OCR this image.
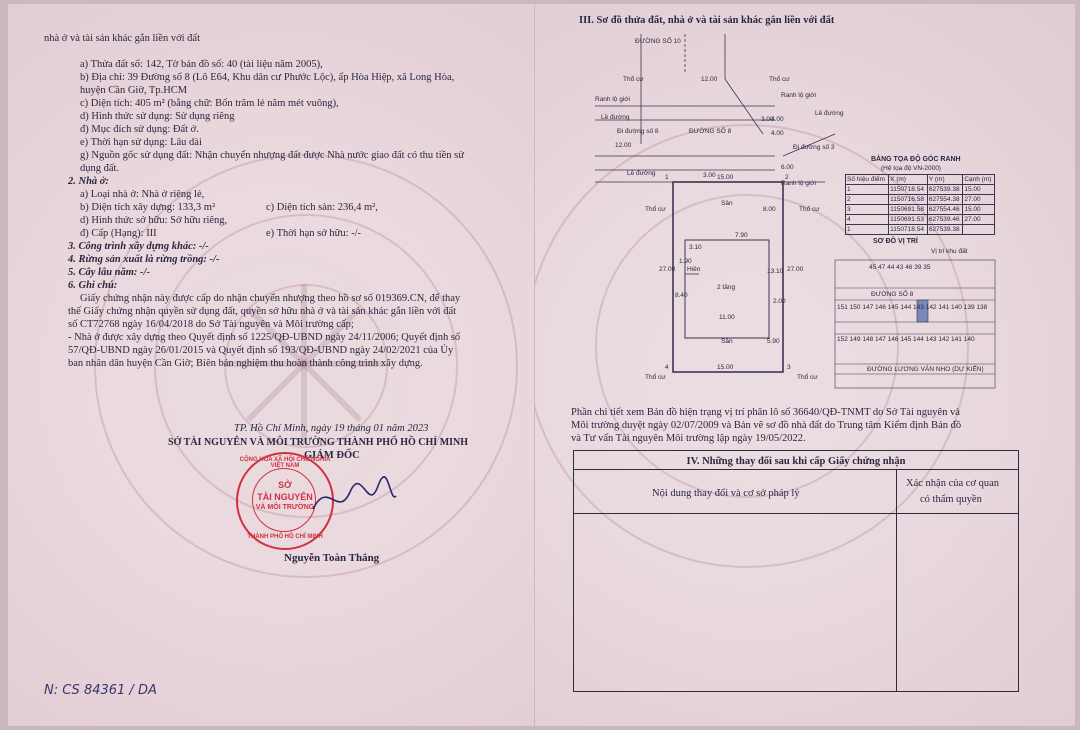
nhà ở và tài sản khác gắn liền với đất
a) Thửa đất số: 142, Tờ bản đồ số: 40 (tài liệu năm 2005),
b) Địa chỉ: 39 Đường số 8 (Lô E64, Khu dân cư Phước Lộc), ấp Hòa Hiệp, xã Long Hòa,
huyện Cần Giờ, Tp.HCM
c) Diện tích: 405 m² (bằng chữ: Bốn trăm lẻ năm mét vuông),
d) Hình thức sử dụng: Sử dụng riêng
đ) Mục đích sử dụng: Đất ở.
e) Thời hạn sử dụng: Lâu dài
g) Nguồn gốc sử dụng đất: Nhận chuyển nhượng đất được Nhà nước giao đất có thu tiền sử
dụng đất.
2. Nhà ở:
a) Loại nhà ở: Nhà ở riêng lẻ,
b) Diện tích xây dựng: 133,3 m²	c) Diện tích sàn: 236,4 m²,
d) Hình thức sở hữu: Sở hữu riêng,
đ) Cấp (Hạng): III	e) Thời hạn sở hữu: -/-
3. Công trình xây dựng khác: -/-
4. Rừng sản xuất là rừng trồng: -/-
5. Cây lâu năm: -/-
6. Ghi chú:
Giấy chứng nhận này được cấp do nhận chuyển nhượng theo hồ sơ số 019369.CN, để thay
thế Giấy chứng nhận quyền sử dụng đất, quyền sở hữu nhà ở và tài sản khác gắn liền với đất
số CT72768 ngày 16/04/2018 do Sở Tài nguyên và Môi trường cấp;
- Nhà ở được xây dựng theo Quyết định số 1225/QĐ-UBND ngày 24/11/2006; Quyết định số
57/QĐ-UBND ngày 26/01/2015 và Quyết định số 193/QĐ-UBND ngày 24/02/2021 của Ủy
ban nhân dân huyện Cần Giờ; Biên bản nghiệm thu hoàn thành công trình xây dựng.
TP. Hồ Chí Minh, ngày 19 tháng 01 năm 2023
SỞ TÀI NGUYÊN VÀ MÔI TRƯỜNG THÀNH PHỐ HỒ CHÍ MINH
GIÁM ĐỐC
CỘNG HÒA XÃ HỘI CHỦ NGHĨA VIỆT NAM
SỞ
TÀI NGUYÊN
VÀ MÔI TRƯỜNG
THÀNH PHỐ HỒ CHÍ MINH
Nguyễn Toàn Thắng
N: CS 84361 / DA
III. Sơ đồ thửa đất, nhà ở và tài sản khác gắn liền với đất
ĐƯỜNG SỐ 10
ĐƯỜNG SỐ 8
Đi đường số 8
Đi đường số 3
Ranh lộ giới
Ranh lộ giới
Ranh lộ giới
Lề đường
Lề đường
Lề đường
Thổ cư	Thổ cư
Thổ cư	Thổ cư
Thổ cư	Thổ cư
Sân
Sân
Hiên
2 tầng
12.00
3.00
4.00
4.00
3.00
12.00
6.00
15.00
8.00
7.90
3.10
1.90
13.10
27.00	27.00
8.40
2.00
11.00
5.90
15.00
1	2
3
4
BẢNG TỌA ĐỘ GÓC RANH
(Hệ tọa độ VN-2000)
Số hiệu điểm	X (m)	Y (m)	Cạnh (m)
1	1150718.54	627539.38	15.00
2	1150716.58	627554.38	27.00
3	1150691.58	627554.46	15.00
4	1150691.53	627539.46	27.00
1	1150718.54	627539.38	
SƠ ĐỒ VỊ TRÍ
Vị trí khu đất
45 47 44 43 46 39 35
ĐƯỜNG SỐ 8
151 150 147 146 145 144 143 142 141 140 139 138
152 149 148 147 146 145 144 143 142 141 140
ĐƯỜNG LƯƠNG VĂN NHO (DỰ KIẾN)
Phần chi tiết xem Bản đồ hiện trạng vị trí phân lô số 36640/QĐ-TNMT do Sở Tài nguyên và
Môi trường duyệt ngày 02/07/2009 và Bản vẽ sơ đồ nhà đất do Trung tâm Kiểm định Bản đồ
và Tư vấn Tài nguyên Môi trường lập ngày 19/05/2022.
IV. Những thay đổi sau khi cấp Giấy chứng nhận
Nội dung thay đổi và cơ sở pháp lý
Xác nhận của cơ quan
có thẩm quyền
